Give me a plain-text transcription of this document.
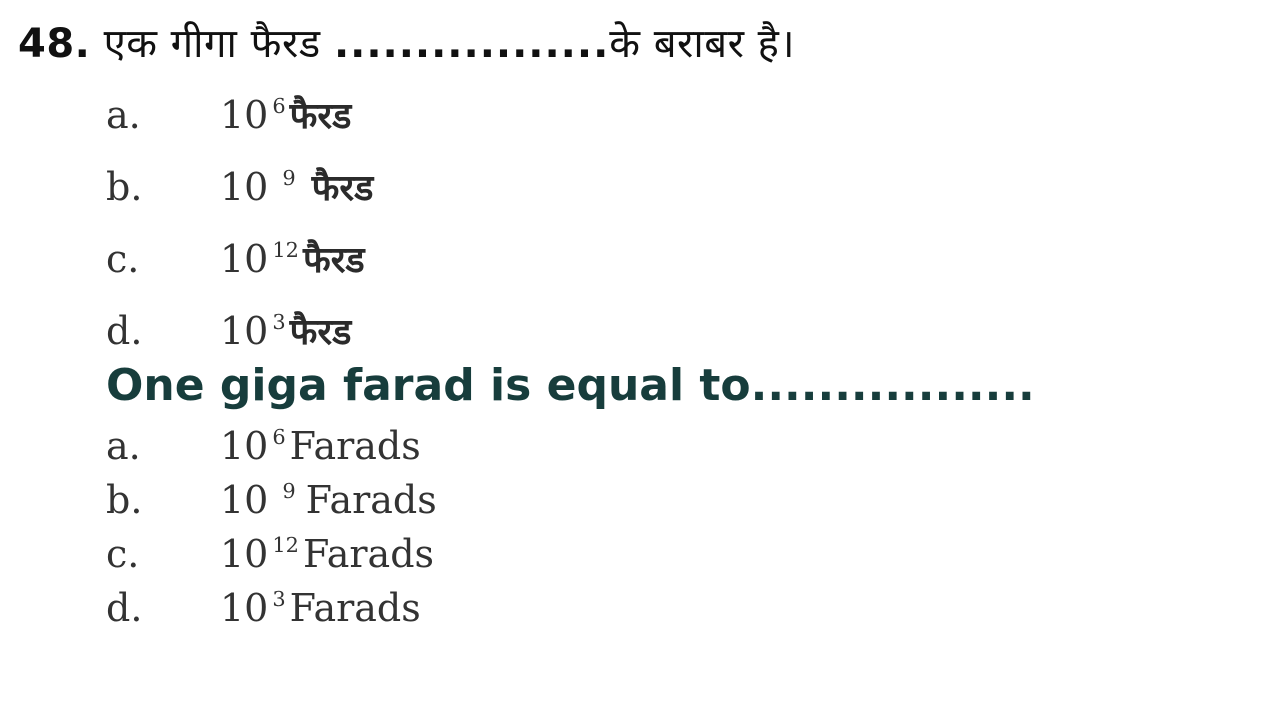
48. एक गीगा फैरड .................के बराबर है।
a. 10 $^6$ फैरड
b. 10 $^9$ फैरड
c. 10 $^{12}$ फैरड
d. 10 $^3$ फैरड
One giga farad is equal to.................
a. 10 $^6$ Farads
b. 10 $^9$ Farads
c. 10 $^{12}$ Farads
d. 10 $^3$ Farads
